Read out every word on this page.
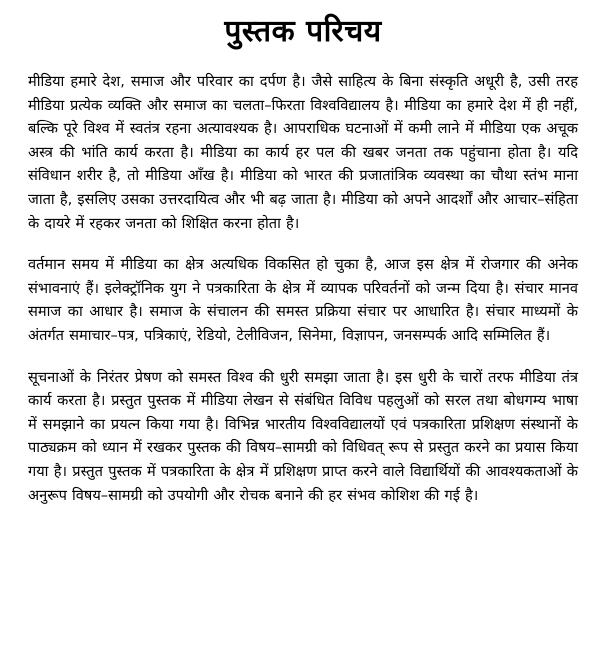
पुस्तक परिचय

मीडिया हमारे देश, समाज और परिवार का दर्पण है। जैसे साहित्य के बिना संस्कृति अधूरी है, उसी तरह मीडिया प्रत्येक व्यक्ति और समाज का चलता–फिरता विश्वविद्यालय है। मीडिया का हमारे देश में ही नहीं, बल्कि पूरे विश्व में स्वतंत्र रहना अत्यावश्यक है। आपराधिक घटनाओं में कमी लाने में मीडिया एक अचूक अस्त्र की भांति कार्य करता है। मीडिया का कार्य हर पल की खबर जनता तक पहुंचाना होता है। यदि संविधान शरीर है, तो मीडिया आँख है। मीडिया को भारत की प्रजातांत्रिक व्यवस्था का चौथा स्तंभ माना जाता है, इसलिए उसका उत्तरदायित्व और भी बढ़ जाता है। मीडिया को अपने आदर्शों और आचार–संहिता के दायरे में रहकर जनता को शिक्षित करना होता है।

वर्तमान समय में मीडिया का क्षेत्र अत्यधिक विकसित हो चुका है, आज इस क्षेत्र में रोजगार की अनेक संभावनाएं हैं। इलेक्ट्रॉनिक युग ने पत्रकारिता के क्षेत्र में व्यापक परिवर्तनों को जन्म दिया है। संचार मानव समाज का आधार है। समाज के संचालन की समस्त प्रक्रिया संचार पर आधारित है। संचार माध्यमों के अंतर्गत समाचार–पत्र, पत्रिकाएं, रेडियो, टेलीविजन, सिनेमा, विज्ञापन, जनसम्पर्क आदि सम्मिलित हैं।

सूचनाओं के निरंतर प्रेषण को समस्त विश्व की धुरी समझा जाता है। इस धुरी के चारों तरफ मीडिया तंत्र कार्य करता है। प्रस्तुत पुस्तक में मीडिया लेखन से संबंधित विविध पहलुओं को सरल तथा बोधगम्य भाषा में समझाने का प्रयत्न किया गया है। विभिन्न भारतीय विश्वविद्यालयों एवं पत्रकारिता प्रशिक्षण संस्थानों के पाठ्यक्रम को ध्यान में रखकर पुस्तक की विषय–सामग्री को विधिवत् रूप से प्रस्तुत करने का प्रयास किया गया है। प्रस्तुत पुस्तक में पत्रकारिता के क्षेत्र में प्रशिक्षण प्राप्त करने वाले विद्यार्थियों की आवश्यकताओं के अनुरूप विषय–सामग्री को उपयोगी और रोचक बनाने की हर संभव कोशिश की गई है।
